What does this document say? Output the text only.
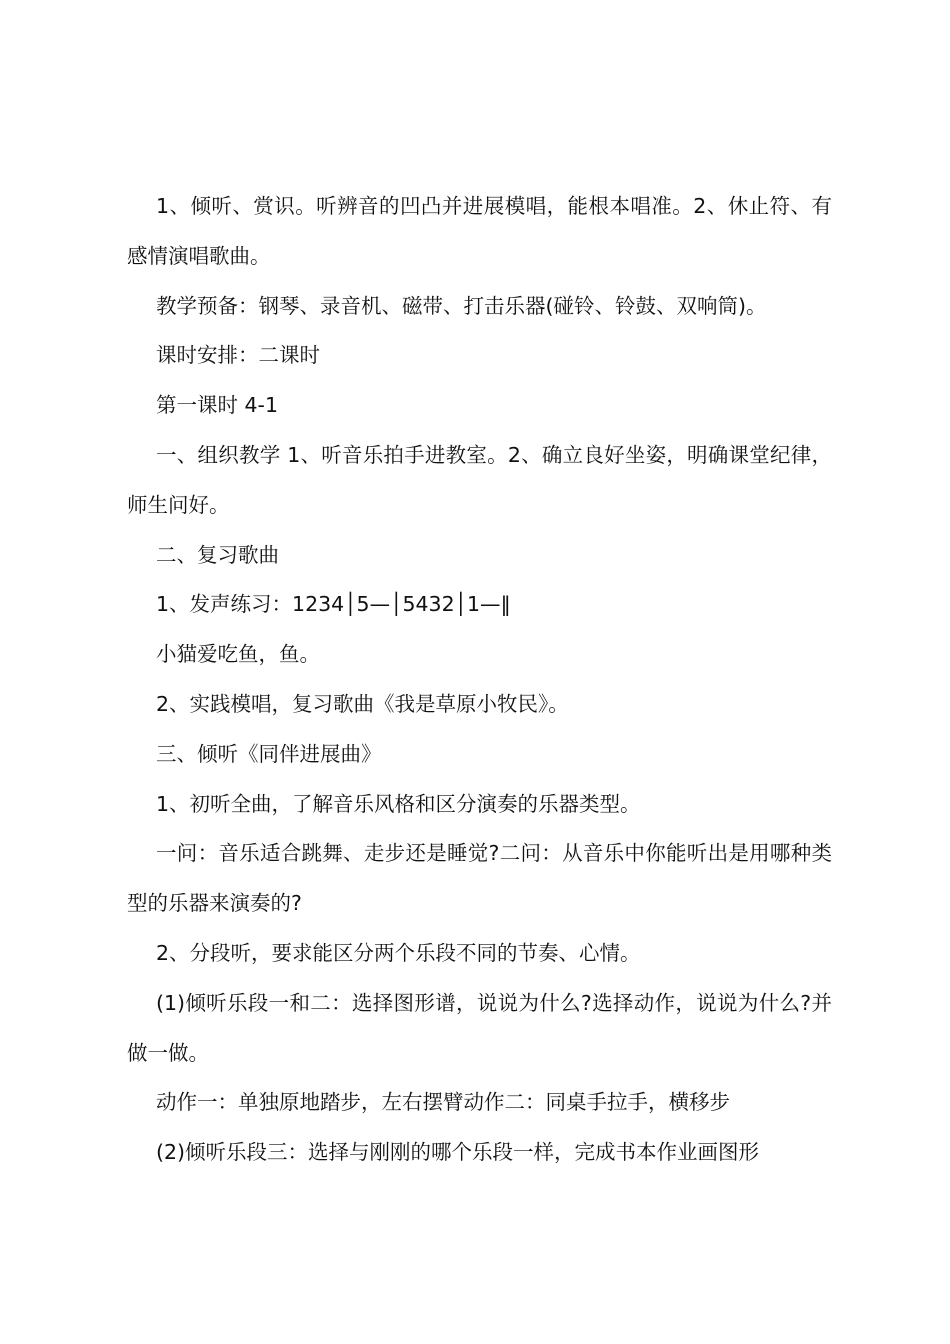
1、倾听、赏识。听辨音的凹凸并进展模唱，能根本唱准。2、休止符、有感情演唱歌曲。

教学预备：钢琴、录音机、磁带、打击乐器(碰铃、铃鼓、双响筒)。

课时安排：二课时

第一课时 4-1

一、组织教学 1、听音乐拍手进教室。2、确立良好坐姿，明确课堂纪律，师生问好。

二、复习歌曲

1、发声练习：1234│5—│5432│1—‖

小猫爱吃鱼，鱼。

2、实践模唱，复习歌曲《我是草原小牧民》。

三、倾听《同伴进展曲》

1、初听全曲，了解音乐风格和区分演奏的乐器类型。

一问：音乐适合跳舞、走步还是睡觉?二问：从音乐中你能听出是用哪种类型的乐器来演奏的?

2、分段听，要求能区分两个乐段不同的节奏、心情。

(1)倾听乐段一和二：选择图形谱，说说为什么?选择动作，说说为什么?并做一做。

动作一：单独原地踏步，左右摆臂动作二：同桌手拉手，横移步

(2)倾听乐段三：选择与刚刚的哪个乐段一样，完成书本作业画图形
